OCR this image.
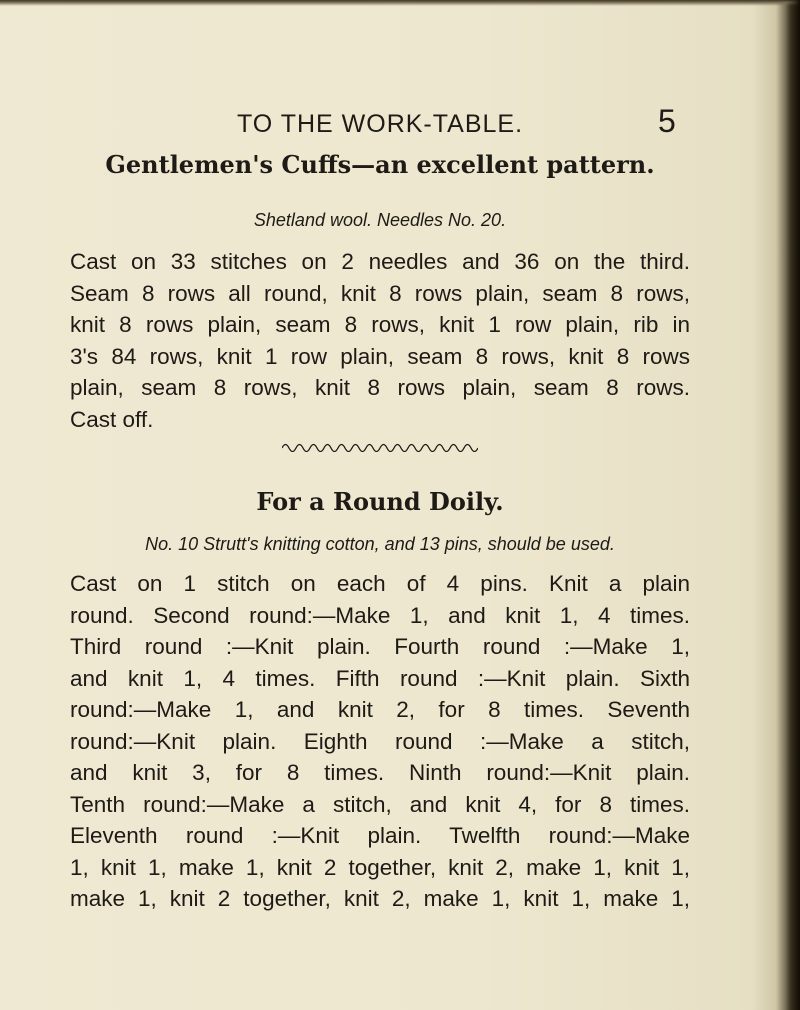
TO THE WORK-TABLE.	5
Gentlemen's Cuffs—an excellent pattern.
Shetland wool. Needles No. 20.
Cast on 33 stitches on 2 needles and 36 on the third.
Seam 8 rows all round, knit 8 rows plain, seam 8 rows,
knit 8 rows plain, seam 8 rows, knit 1 row plain, rib in
3's 84 rows, knit 1 row plain, seam 8 rows, knit 8 rows
plain, seam 8 rows, knit 8 rows plain, seam 8 rows.
Cast off.
For a Round Doily.
No. 10 Strutt's knitting cotton, and 13 pins, should be used.
Cast on 1 stitch on each of 4 pins. Knit a plain
round. Second round:—Make 1, and knit 1, 4 times.
Third round :—Knit plain. Fourth round :—Make 1,
and knit 1, 4 times. Fifth round :—Knit plain. Sixth
round:—Make 1, and knit 2, for 8 times. Seventh
round:—Knit plain. Eighth round :—Make a stitch,
and knit 3, for 8 times. Ninth round:—Knit plain.
Tenth round:—Make a stitch, and knit 4, for 8 times.
Eleventh round :—Knit plain. Twelfth round:—Make
1, knit 1, make 1, knit 2 together, knit 2, make 1, knit 1,
make 1, knit 2 together, knit 2, make 1, knit 1, make 1,
